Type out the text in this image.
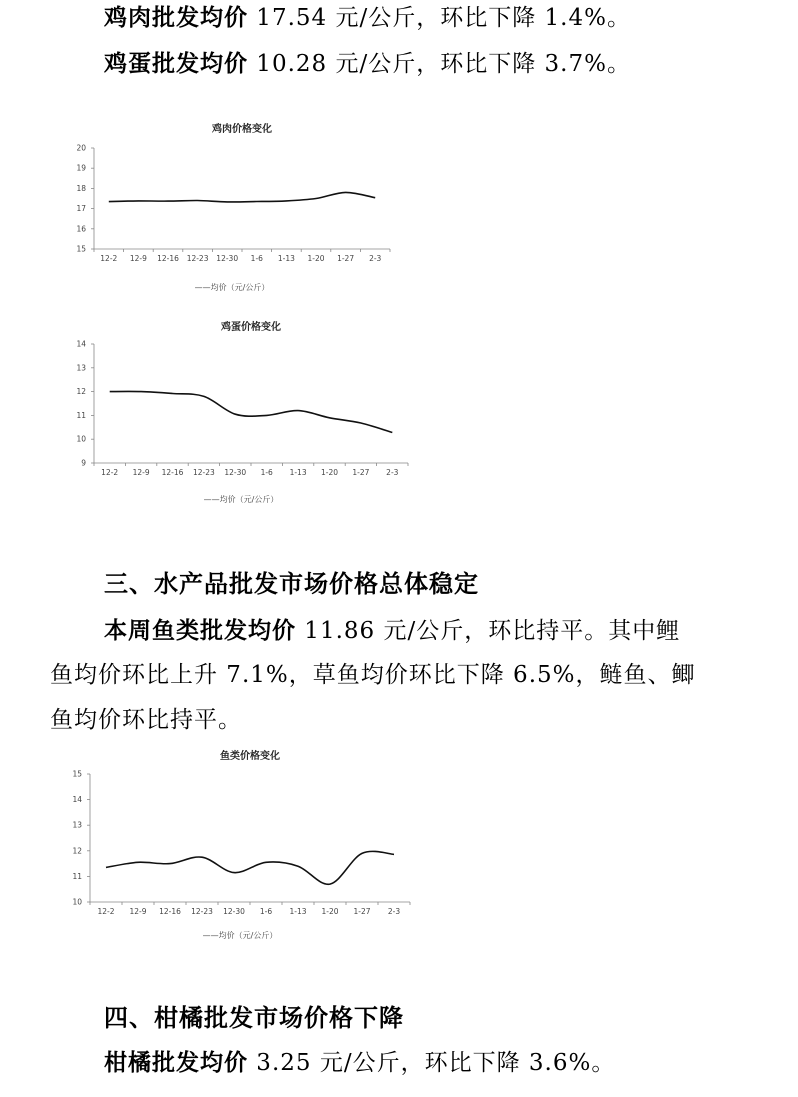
鸡肉批发均价 17.54 元/公斤，环比下降 1.4%。
鸡蛋批发均价 10.28 元/公斤，环比下降 3.7%。
鸡肉价格变化
15
16
17
18
19
20
12-2 12-9 12-16 12-23 12-30 1-6 1-13 1-20 1-27 2-3
——均价（元/公斤）
鸡蛋价格变化
9
10
11
12
13
14
12-2 12-9 12-16 12-23 12-30 1-6 1-13 1-20 1-27 2-3
——均价（元/公斤）
三、水产品批发市场价格总体稳定
本周鱼类批发均价 11.86 元/公斤，环比持平。其中鲤
鱼均价环比上升 7.1%，草鱼均价环比下降 6.5%，鲢鱼、鲫
鱼均价环比持平。
鱼类价格变化
10
11
12
13
14
15
12-2 12-9 12-16 12-23 12-30 1-6 1-13 1-20 1-27 2-3
——均价（元/公斤）
四、柑橘批发市场价格下降
柑橘批发均价 3.25 元/公斤，环比下降 3.6%。
